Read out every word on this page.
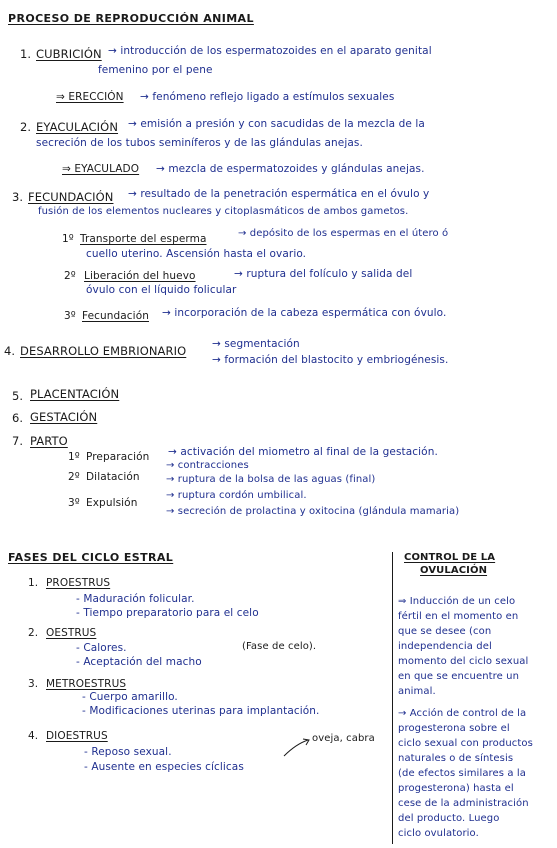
PROCESO DE REPRODUCCIÓN ANIMAL
1. CUBRICIÓN → introducción de los espermatozoides en el aparato genital
femenino por el pene
⇒ ERECCIÓN → fenómeno reflejo ligado a estímulos sexuales
2. EYACULACIÓN → emisión a presión y con sacudidas de la mezcla de la
secreción de los tubos seminíferos y de las glándulas anejas.
⇒ EYACULADO → mezcla de espermatozoides y glándulas anejas.
3. FECUNDACIÓN → resultado de la penetración espermática en el óvulo y
fusión de los elementos nucleares y citoplasmáticos de ambos gametos.
1º Transporte del esperma	→ depósito de los espermas en el útero ó
cuello uterino. Ascensión hasta el ovario.
2º Liberación del huevo	→ ruptura del folículo y salida del
óvulo con el líquido folicular
3º Fecundación → incorporación de la cabeza espermática con óvulo.
4. DESARROLLO EMBRIONARIO → segmentación
→ formación del blastocito y embriogénesis.
5. PLACENTACIÓN
6. GESTACIÓN
7. PARTO
1º Preparación → activación del miometro al final de la gestación.
2º Dilatación
→ contracciones
→ ruptura de la bolsa de las aguas (final)
3º Expulsión
→ ruptura cordón umbilical.
→ secreción de prolactina y oxitocina (glándula mamaria)
FASES DEL CICLO ESTRAL
1. PROESTRUS
- Maduración folicular.
- Tiempo preparatorio para el celo
2. OESTRUS
- Calores.
- Aceptación del macho
(Fase de celo).
3. METROESTRUS
- Cuerpo amarillo.
- Modificaciones uterinas para implantación.
4. DIOESTRUS
- Reposo sexual.
- Ausente en especies cíclicas
oveja, cabra
CONTROL DE LA
OVULACIÓN
⇒ Inducción de un celo
fértil en el momento en
que se desee (con
independencia del
momento del ciclo sexual
en que se encuentre un
animal.
→ Acción de control de la
progesterona sobre el
ciclo sexual con productos
naturales o de síntesis
(de efectos similares a la
progesterona) hasta el
cese de la administración
del producto. Luego
ciclo ovulatorio.
